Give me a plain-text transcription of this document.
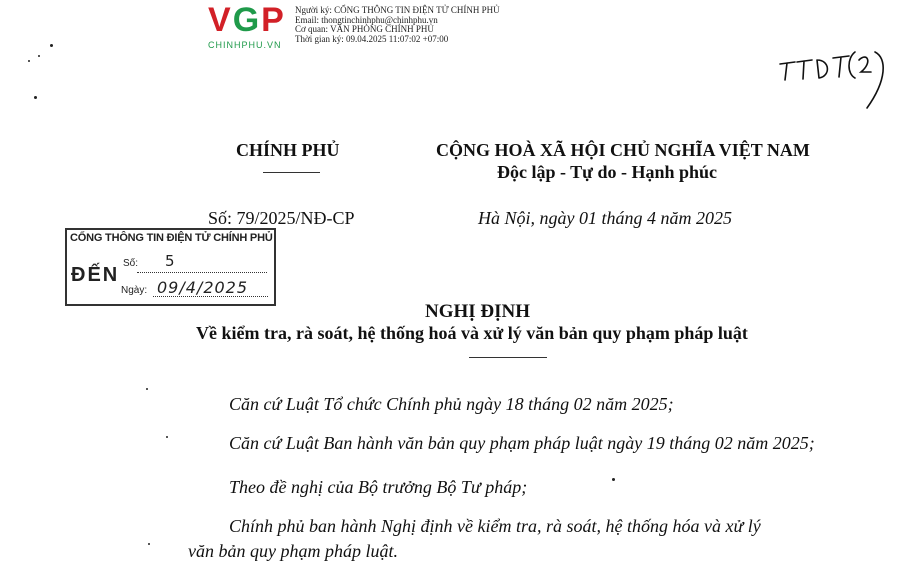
VGP
CHINHPHU.VN
Người ký: CỔNG THÔNG TIN ĐIỆN TỬ CHÍNH PHỦ
Email: thongtinchinhphu@chinhphu.vn
Cơ quan: VĂN PHÒNG CHÍNH PHỦ
Thời gian ký: 09.04.2025 11:07:02 +07:00
CHÍNH PHỦ	CỘNG HOÀ XÃ HỘI CHỦ NGHĨA VIỆT NAM
Độc lập - Tự do - Hạnh phúc
Số: 79/2025/NĐ-CP	Hà Nội, ngày 01 tháng 4 năm 2025
CỔNG THÔNG TIN ĐIỆN TỬ CHÍNH PHỦ
ĐẾN
Số: 5
Ngày: 09/4/2025
NGHỊ ĐỊNH
Về kiểm tra, rà soát, hệ thống hoá và xử lý văn bản quy phạm pháp luật
Căn cứ Luật Tổ chức Chính phủ ngày 18 tháng 02 năm 2025;
Căn cứ Luật Ban hành văn bản quy phạm pháp luật ngày 19 tháng 02 năm 2025;
Theo đề nghị của Bộ trưởng Bộ Tư pháp;
Chính phủ ban hành Nghị định về kiểm tra, rà soát, hệ thống hóa và xử lý
văn bản quy phạm pháp luật.
